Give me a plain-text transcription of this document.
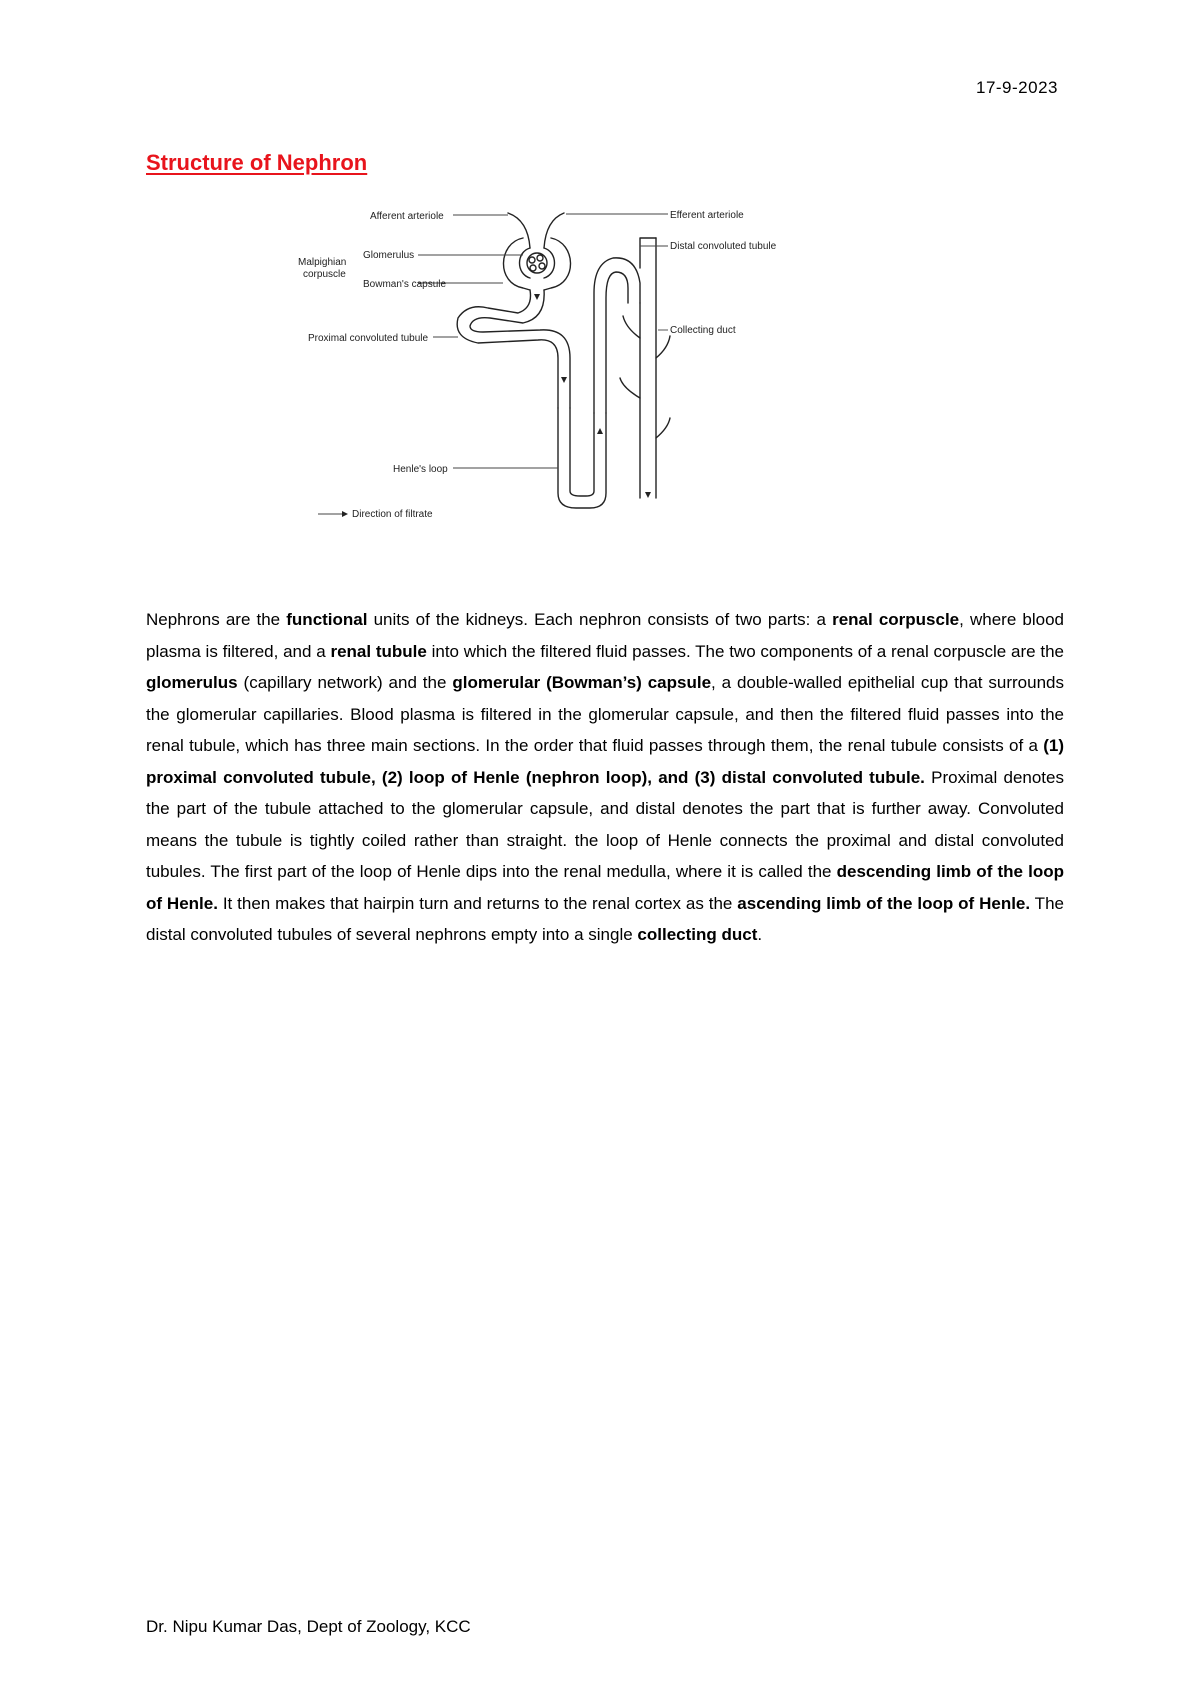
17-9-2023
Structure of Nephron
Afferent arteriole	Efferent arteriole
Glomerulus
Malpighian
corpuscle
Bowman's capsule
Distal convoluted tubule
Collecting duct
Proximal convoluted tubule
Henle's loop
Direction of filtrate
Nephrons are the functional units of the kidneys. Each nephron consists of two parts: a renal corpuscle, where blood plasma is filtered, and a renal tubule into which the filtered fluid passes. The two components of a renal corpuscle are the glomerulus (capillary network) and the glomerular (Bowman’s) capsule, a double-walled epithelial cup that surrounds the glomerular capillaries. Blood plasma is filtered in the glomerular capsule, and then the filtered fluid passes into the renal tubule, which has three main sections. In the order that fluid passes through them, the renal tubule consists of a (1) proximal convoluted tubule, (2) loop of Henle (nephron loop), and (3) distal convoluted tubule. Proximal denotes the part of the tubule attached to the glomerular capsule, and distal denotes the part that is further away. Convoluted means the tubule is tightly coiled rather than straight. the loop of Henle connects the proximal and distal convoluted tubules. The first part of the loop of Henle dips into the renal medulla, where it is called the descending limb of the loop of Henle. It then makes that hairpin turn and returns to the renal cortex as the ascending limb of the loop of Henle. The distal convoluted tubules of several nephrons empty into a single collecting duct.
Dr. Nipu Kumar Das, Dept of Zoology, KCC
